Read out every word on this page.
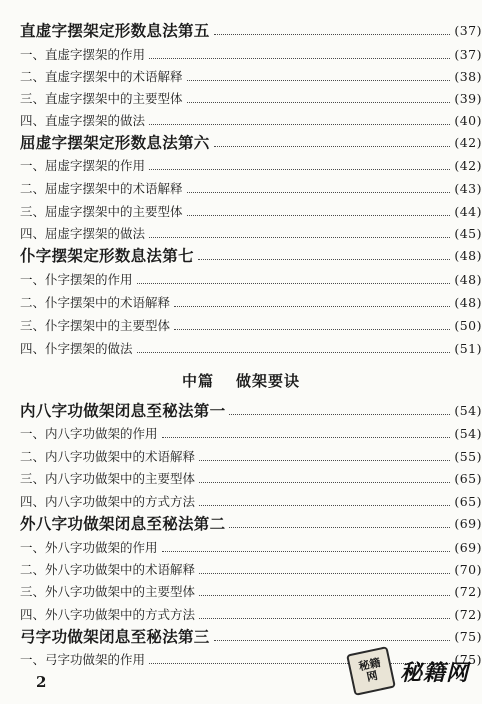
直虚字摆架定形数息法第五	(37)
一、直虚字摆架的作用	(37)
二、直虚字摆架中的术语解释	(38)
三、直虚字摆架中的主要型体	(39)
四、直虚字摆架的做法	(40)
屈虚字摆架定形数息法第六	(42)
一、屈虚字摆架的作用	(42)
二、屈虚字摆架中的术语解释	(43)
三、屈虚字摆架中的主要型体	(44)
四、屈虚字摆架的做法	(45)
仆字摆架定形数息法第七	(48)
一、仆字摆架的作用	(48)
二、仆字摆架中的术语解释	(48)
三、仆字摆架中的主要型体	(50)
四、仆字摆架的做法	(51)
中篇 做架要诀
内八字功做架闭息至秘法第一	(54)
一、内八字功做架的作用	(54)
二、内八字功做架中的术语解释	(55)
三、内八字功做架中的主要型体	(65)
四、内八字功做架中的方式方法	(65)
外八字功做架闭息至秘法第二	(69)
一、外八字功做架的作用	(69)
二、外八字功做架中的术语解释	(70)
三、外八字功做架中的主要型体	(72)
四、外八字功做架中的方式方法	(72)
弓字功做架闭息至秘法第三	(75)
一、弓字功做架的作用	(75)
2
秘籍网 秘籍网
